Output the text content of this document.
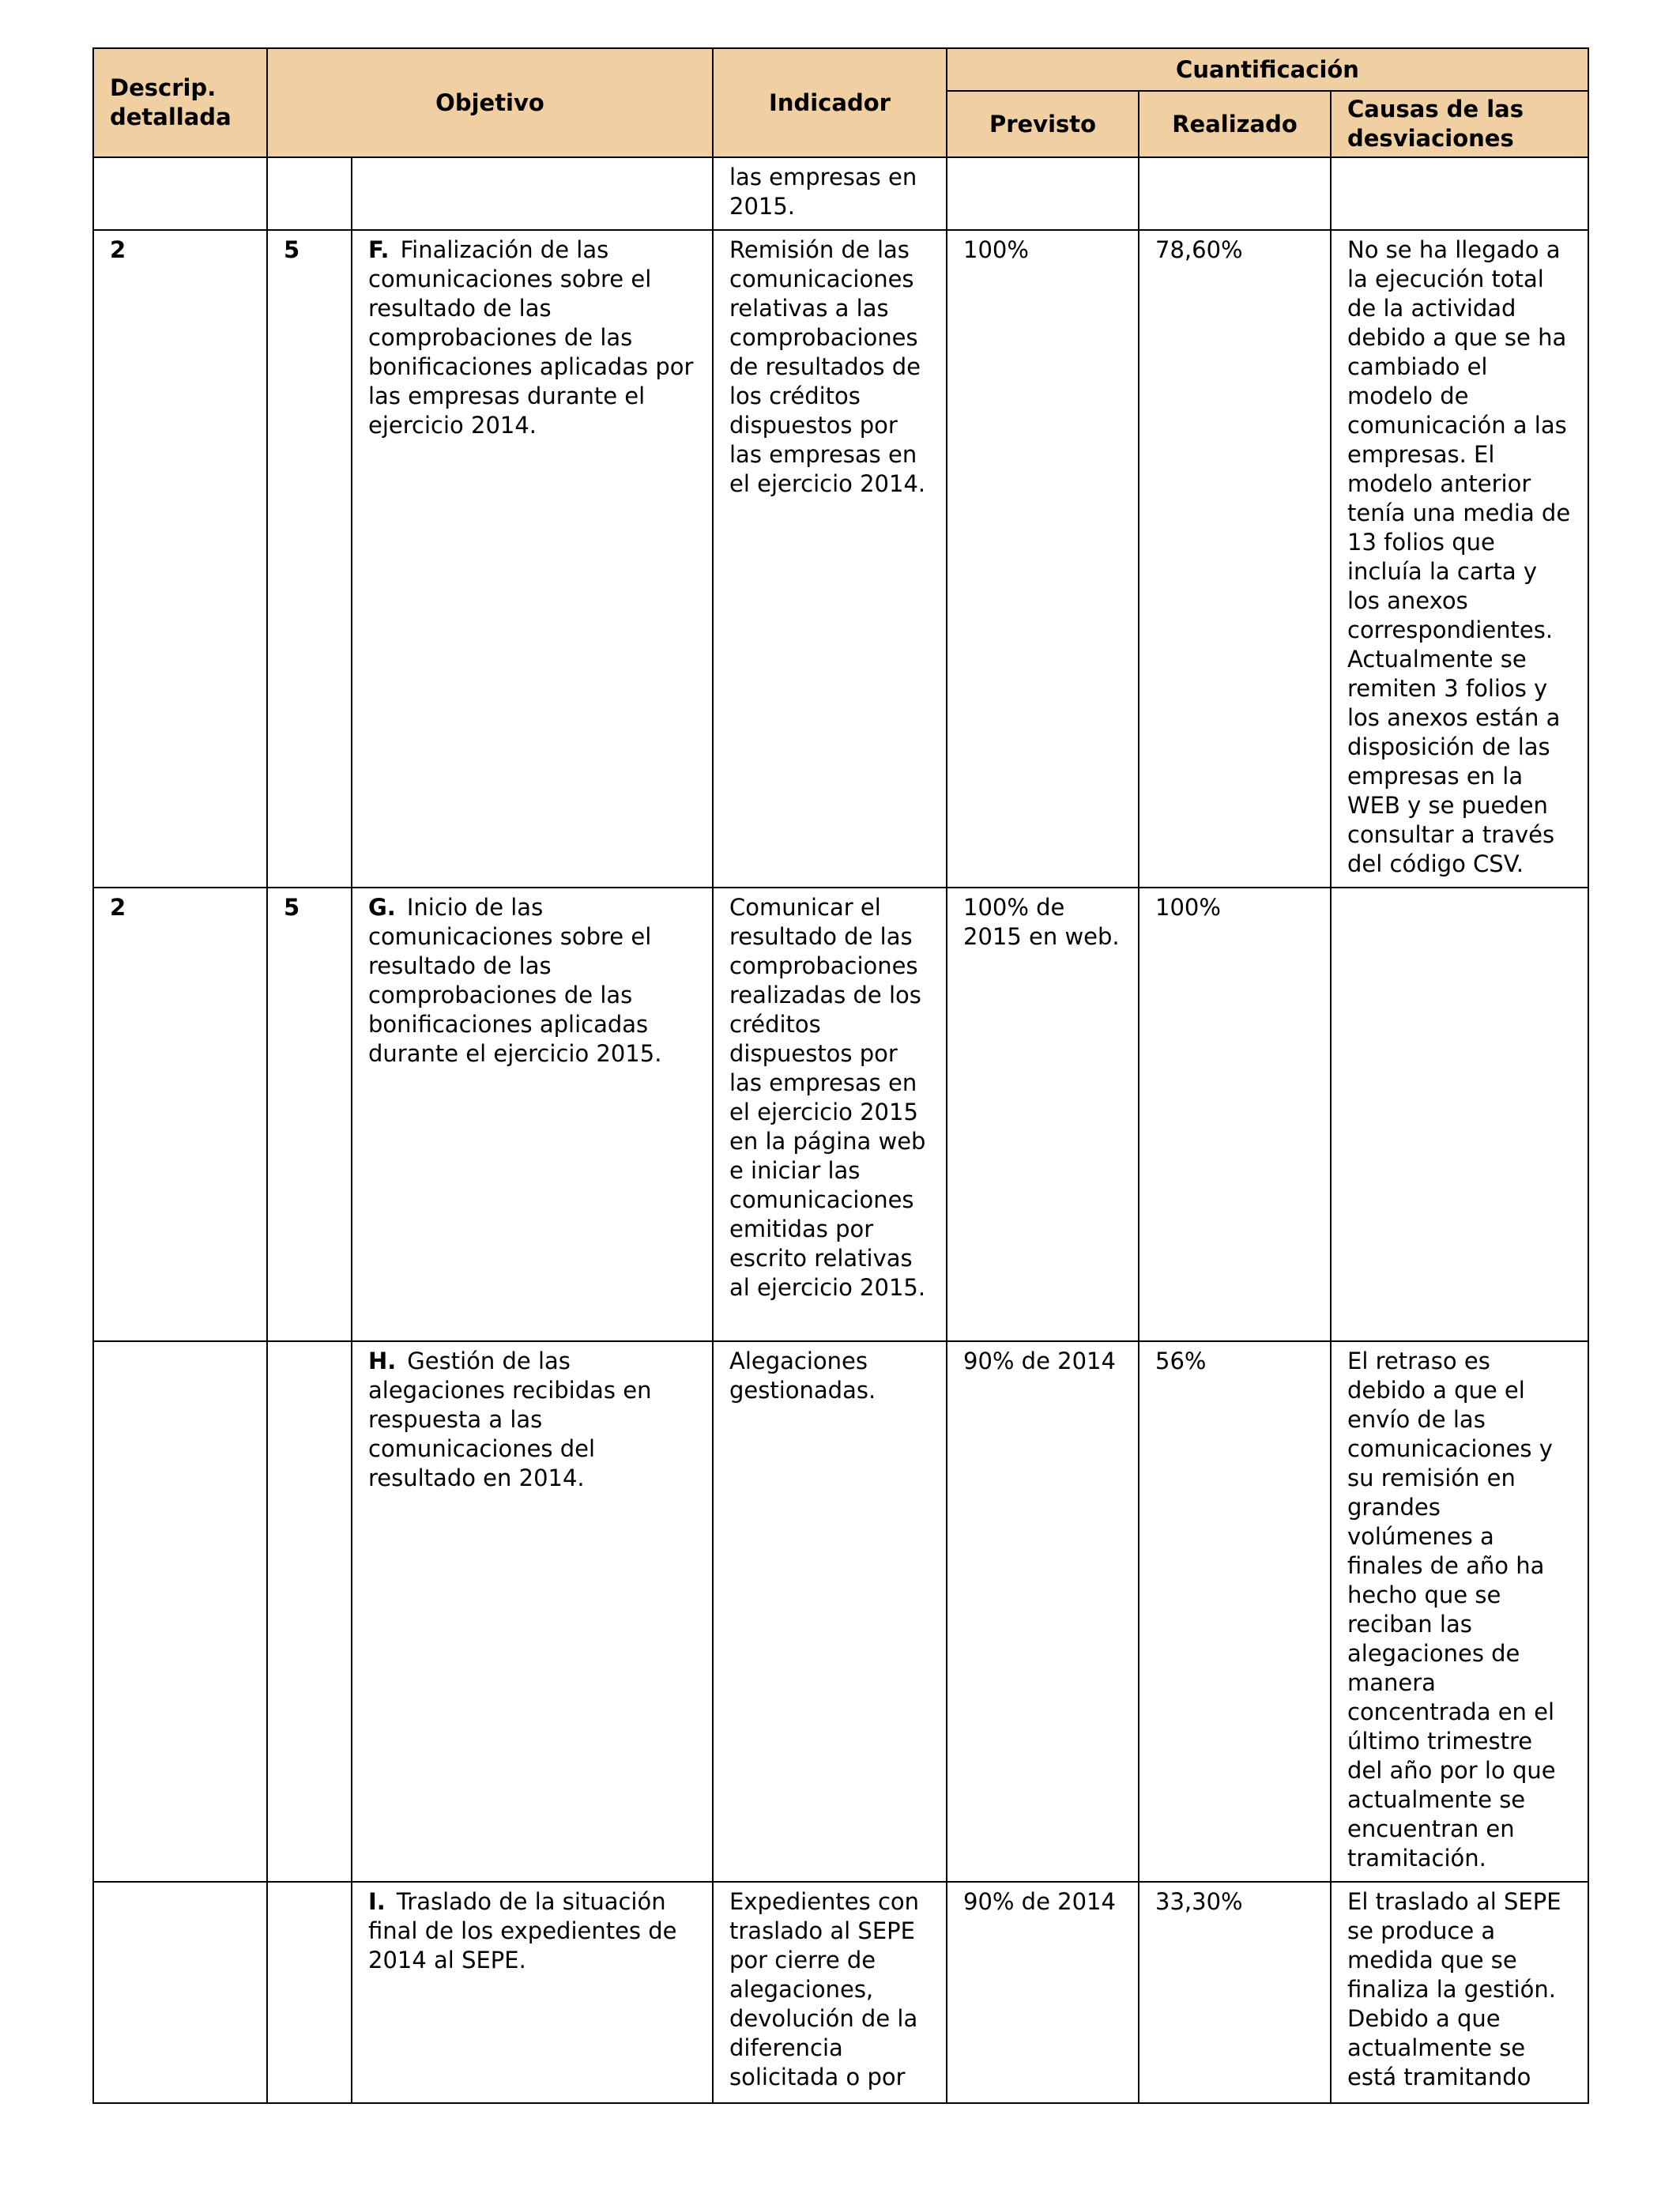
Descrip. detallada	Objetivo		Indicador	Cuantificación		
				Previsto	Realizado	Causas de las desviaciones
			las empresas en 2015.			
2	5	F. Finalización de las comunicaciones sobre el resultado de las comprobaciones de las bonificaciones aplicadas por las empresas durante el ejercicio 2014.	Remisión de las comunicaciones relativas a las comprobaciones de resultados de los créditos dispuestos por las empresas en el ejercicio 2014.	100%	78,60%	No se ha llegado a la ejecución total de la actividad debido a que se ha cambiado el modelo de comunicación a las empresas. El modelo anterior tenía una media de 13 folios que incluía la carta y los anexos correspondientes. Actualmente se remiten 3 folios y los anexos están a disposición de las empresas en la WEB y se pueden consultar a través del código CSV.
2	5	G. Inicio de las comunicaciones sobre el resultado de las comprobaciones de las bonificaciones aplicadas durante el ejercicio 2015.	Comunicar el resultado de las comprobaciones realizadas de los créditos dispuestos por las empresas en el ejercicio 2015 en la página web e iniciar las comunicaciones emitidas por escrito relativas al ejercicio 2015.	100% de 2015 en web.	100%	
		H. Gestión de las alegaciones recibidas en respuesta a las comunicaciones del resultado en 2014.	Alegaciones gestionadas.	90% de 2014	56%	El retraso es debido a que el envío de las comunicaciones y su remisión en grandes volúmenes a finales de año ha hecho que se reciban las alegaciones de manera concentrada en el último trimestre del año por lo que actualmente se encuentran en tramitación.
		I. Traslado de la situación final de los expedientes de 2014 al SEPE.	Expedientes con traslado al SEPE por cierre de alegaciones, devolución de la diferencia solicitada o por	90% de 2014	33,30%	El traslado al SEPE se produce a medida que se finaliza la gestión. Debido a que actualmente se está tramitando
